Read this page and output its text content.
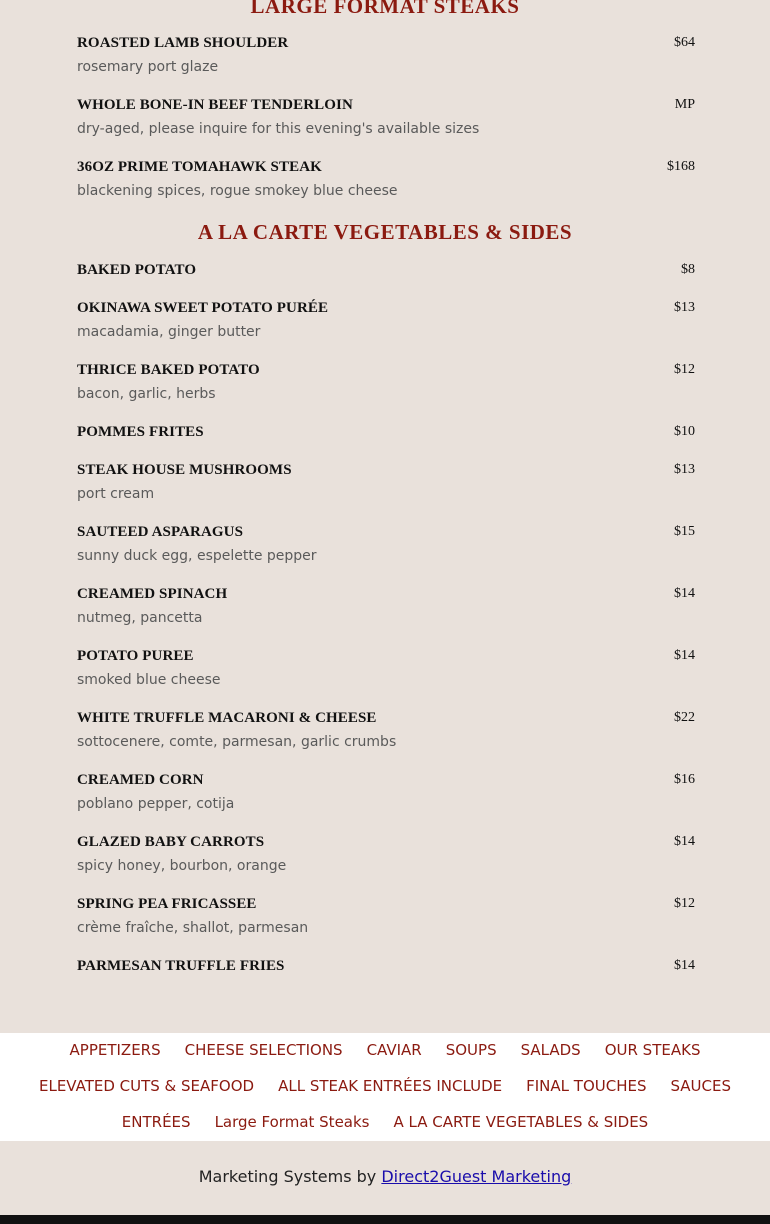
LARGE FORMAT STEAKS
ROASTED LAMB SHOULDER	$64
rosemary port glaze
WHOLE BONE-IN BEEF TENDERLOIN	MP
dry-aged, please inquire for this evening's available sizes
36OZ PRIME TOMAHAWK STEAK	$168
blackening spices, rogue smokey blue cheese
A LA CARTE VEGETABLES & SIDES
BAKED POTATO	$8
OKINAWA SWEET POTATO PURÉE	$13
macadamia, ginger butter
THRICE BAKED POTATO	$12
bacon, garlic, herbs
POMMES FRITES	$10
STEAK HOUSE MUSHROOMS	$13
port cream
SAUTEED ASPARAGUS	$15
sunny duck egg, espelette pepper
CREAMED SPINACH	$14
nutmeg, pancetta
POTATO PUREE	$14
smoked blue cheese
WHITE TRUFFLE MACARONI & CHEESE	$22
sottocenere, comte, parmesan, garlic crumbs
CREAMED CORN	$16
poblano pepper, cotija
GLAZED BABY CARROTS	$14
spicy honey, bourbon, orange
SPRING PEA FRICASSEE	$12
crème fraîche, shallot, parmesan
PARMESAN TRUFFLE FRIES	$14
APPETIZERS CHEESE SELECTIONS CAVIAR SOUPS SALADS OUR STEAKS
ELEVATED CUTS & SEAFOOD ALL STEAK ENTRÉES INCLUDE FINAL TOUCHES SAUCES
ENTRÉES Large Format Steaks A LA CARTE VEGETABLES & SIDES
Marketing Systems by Direct2Guest Marketing
